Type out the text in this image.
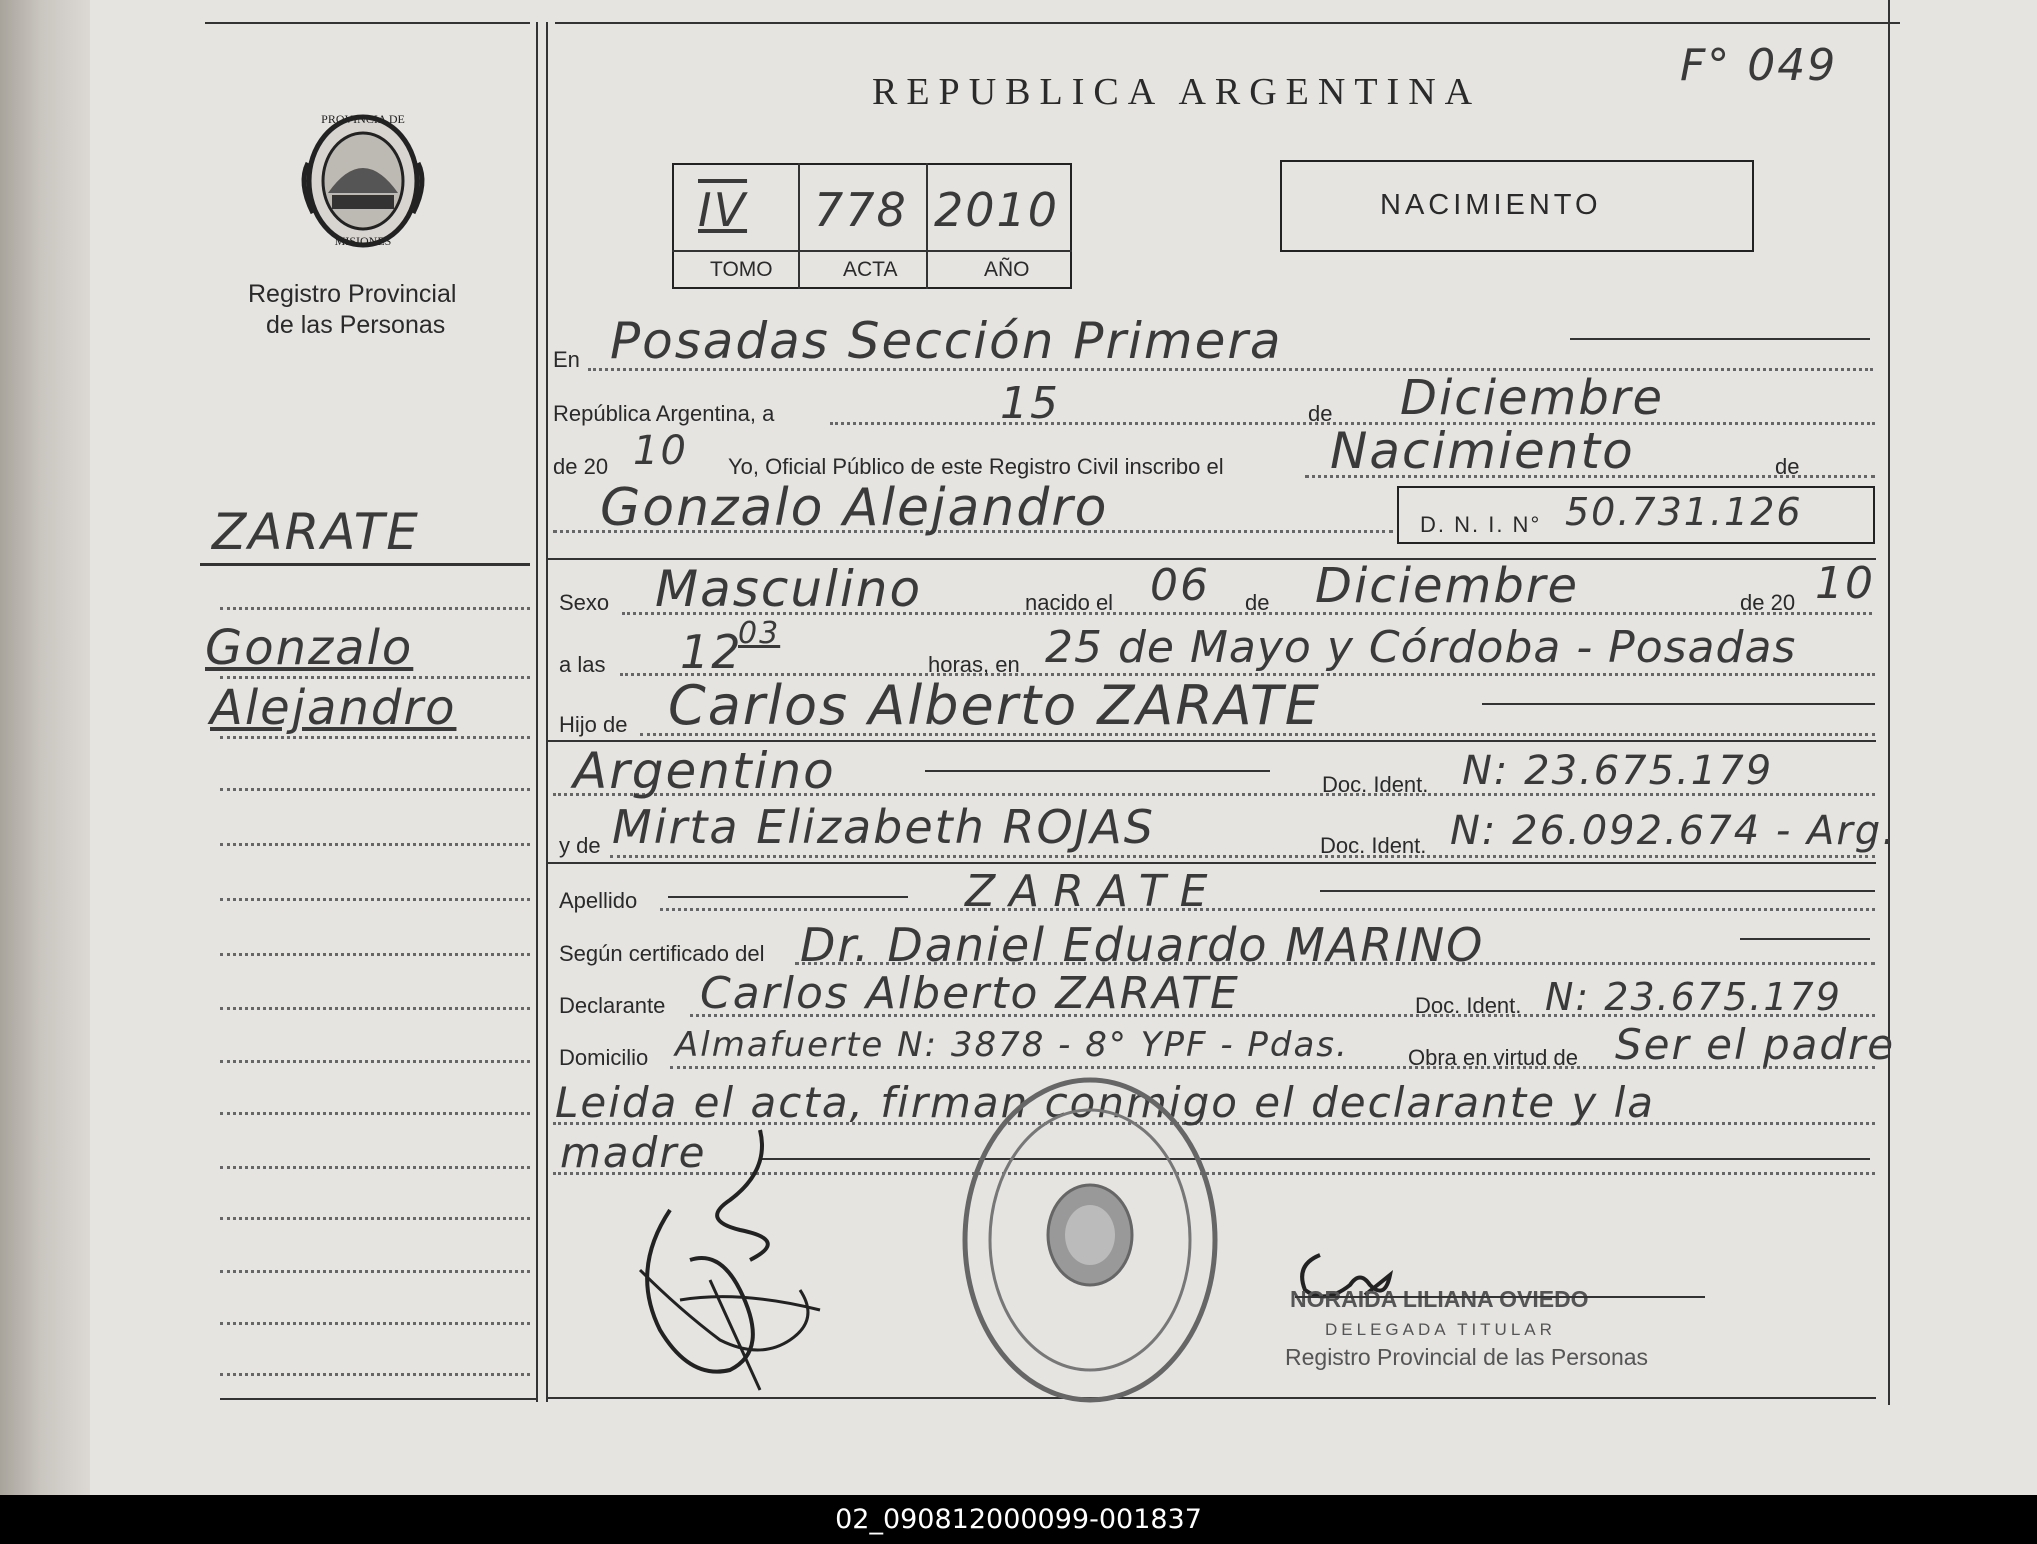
F° 049
PROVINCIA DE
MISIONES
Registro Provincial
de las Personas
ZARATE
Gonzalo
Alejandro
REPUBLICA ARGENTINA
IV 778 2010
TOMO	ACTA	AÑO
NACIMIENTO
En Posadas Sección Primera
República Argentina, a	15	de Diciembre
de 20 10 Yo, Oficial Público de este Registro Civil inscribo el Nacimiento	de
Gonzalo Alejandro	D. N. I. N° 50.731.126
Sexo Masculino	nacido el 06 de Diciembre	de 20 10
a las 12
03
horas, en 25 de Mayo y Córdoba - Posadas
Hijo de Carlos Alberto ZARATE
Argentino	Doc. Ident. N: 23.675.179
y de Mirta Elizabeth ROJAS	Doc. Ident. N: 26.092.674 - Arg.
Apellido	ZARATE
Según certificado del Dr. Daniel Eduardo MARINO
Declarante Carlos Alberto ZARATE	Doc. Ident. N: 23.675.179
Domicilio Almafuerte N: 3878 - 8° YPF - Pdas.	Obra en virtud de Ser el padre
Leida el acta, firman conmigo el declarante y la
madre
NORAIDA LILIANA OVIEDO
DELEGADA TITULAR
Registro Provincial de las Personas
02_090812000099-001837
